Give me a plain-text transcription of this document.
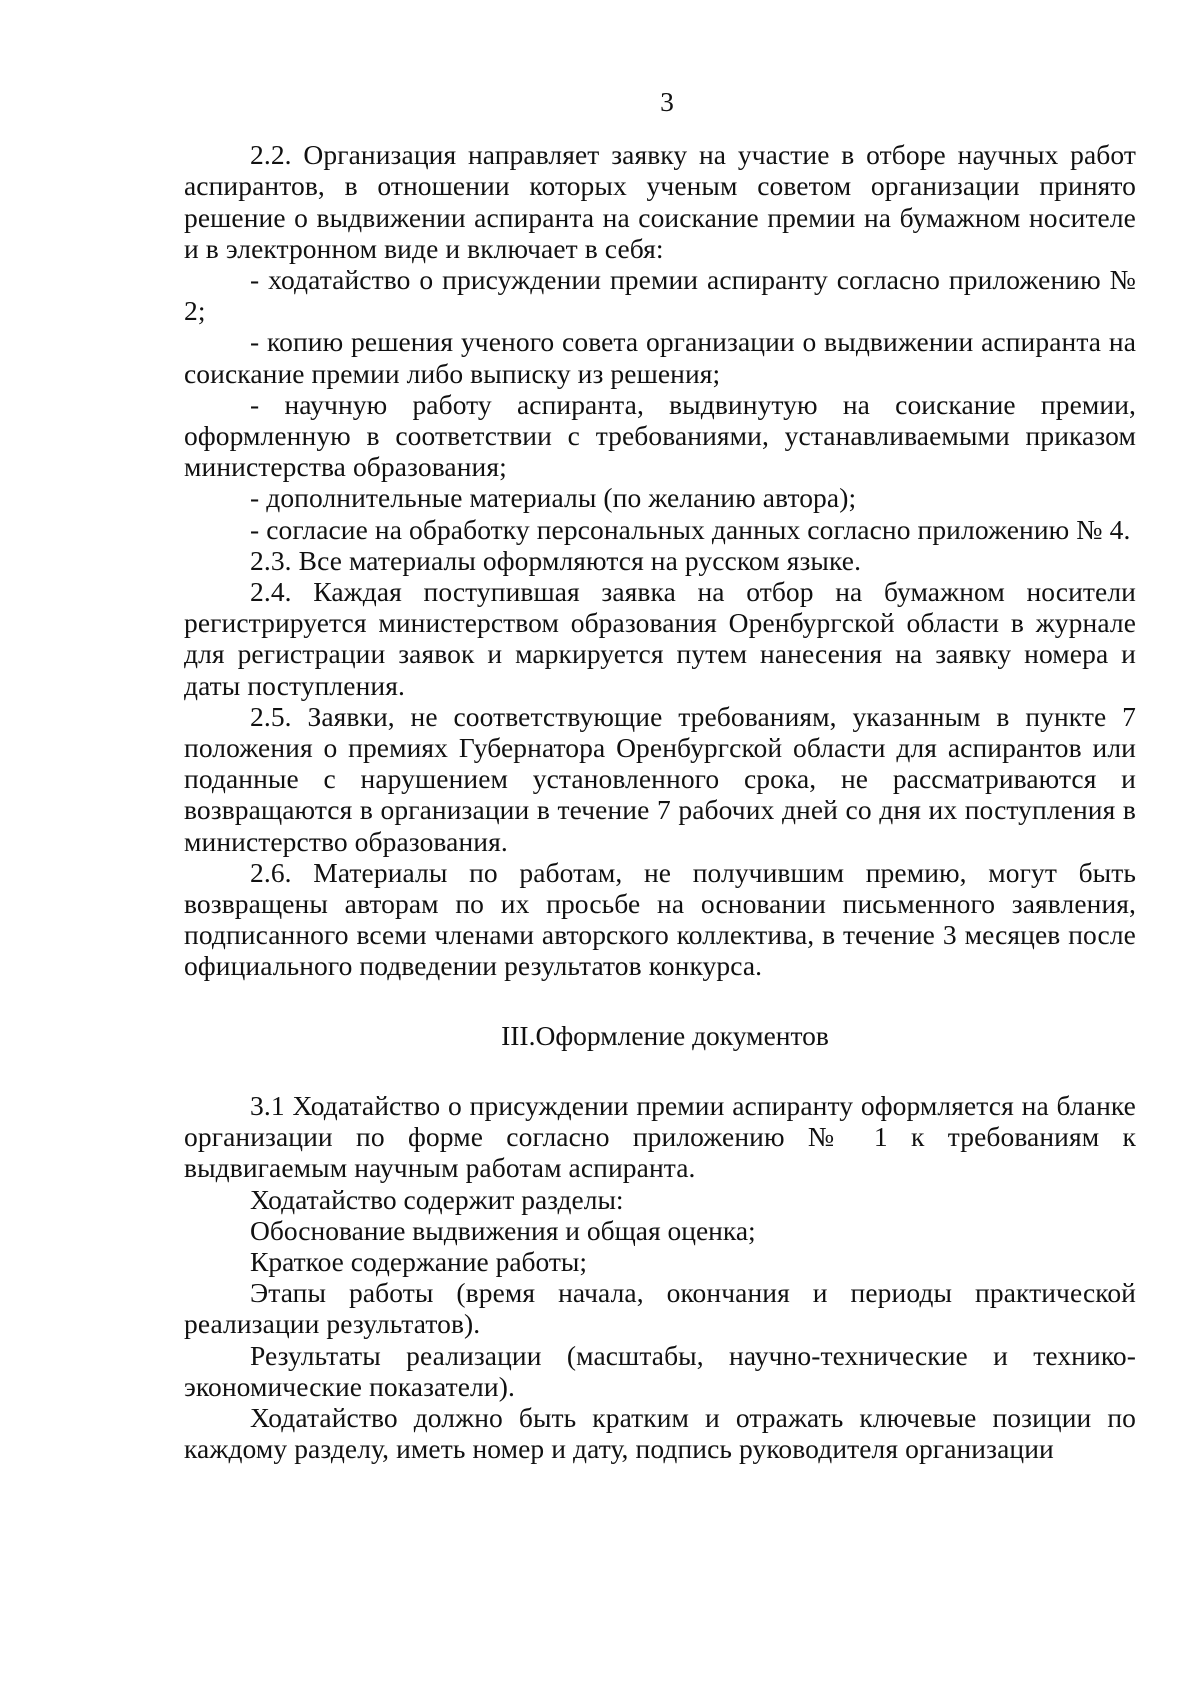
3

2.2. Организация направляет заявку на участие в отборе научных работ аспирантов, в отношении которых ученым советом организации принято решение о выдвижении аспиранта на соискание премии на бумажном носителе и в электронном виде и включает в себя:

- ходатайство о присуждении премии аспиранту согласно приложению № 2;

- копию решения ученого совета организации о выдвижении аспиранта на соискание премии либо выписку из решения;

- научную работу аспиранта, выдвинутую на соискание премии, оформленную в соответствии с требованиями, устанавливаемыми приказом министерства образования;

- дополнительные материалы (по желанию автора);

- согласие на обработку персональных данных согласно приложению № 4.

2.3. Все материалы оформляются на русском языке.

2.4. Каждая поступившая заявка на отбор на бумажном носители регистрируется министерством образования Оренбургской области в журнале для регистрации заявок и маркируется путем нанесения на заявку номера и даты поступления.

2.5. Заявки, не соответствующие требованиям, указанным в пункте 7 положения о премиях Губернатора Оренбургской области для аспирантов или поданные с нарушением установленного срока, не рассматриваются и возвращаются в организации в течение 7 рабочих дней со дня их поступления в министерство образования.

2.6. Материалы по работам, не получившим премию, могут быть возвращены авторам по их просьбе на основании письменного заявления, подписанного всеми членами авторского коллектива, в течение 3 месяцев после официального подведении результатов конкурса.

III.Оформление документов

3.1 Ходатайство о присуждении премии аспиранту оформляется на бланке организации по форме согласно приложению № 1 к требованиям к выдвигаемым научным работам аспиранта.

Ходатайство содержит разделы:

Обоснование выдвижения и общая оценка;

Краткое содержание работы;

Этапы работы (время начала, окончания и периоды практической реализации результатов).

Результаты реализации (масштабы, научно-технические и технико-экономические показатели).

Ходатайство должно быть кратким и отражать ключевые позиции по каждому разделу, иметь номер и дату, подпись руководителя организации
